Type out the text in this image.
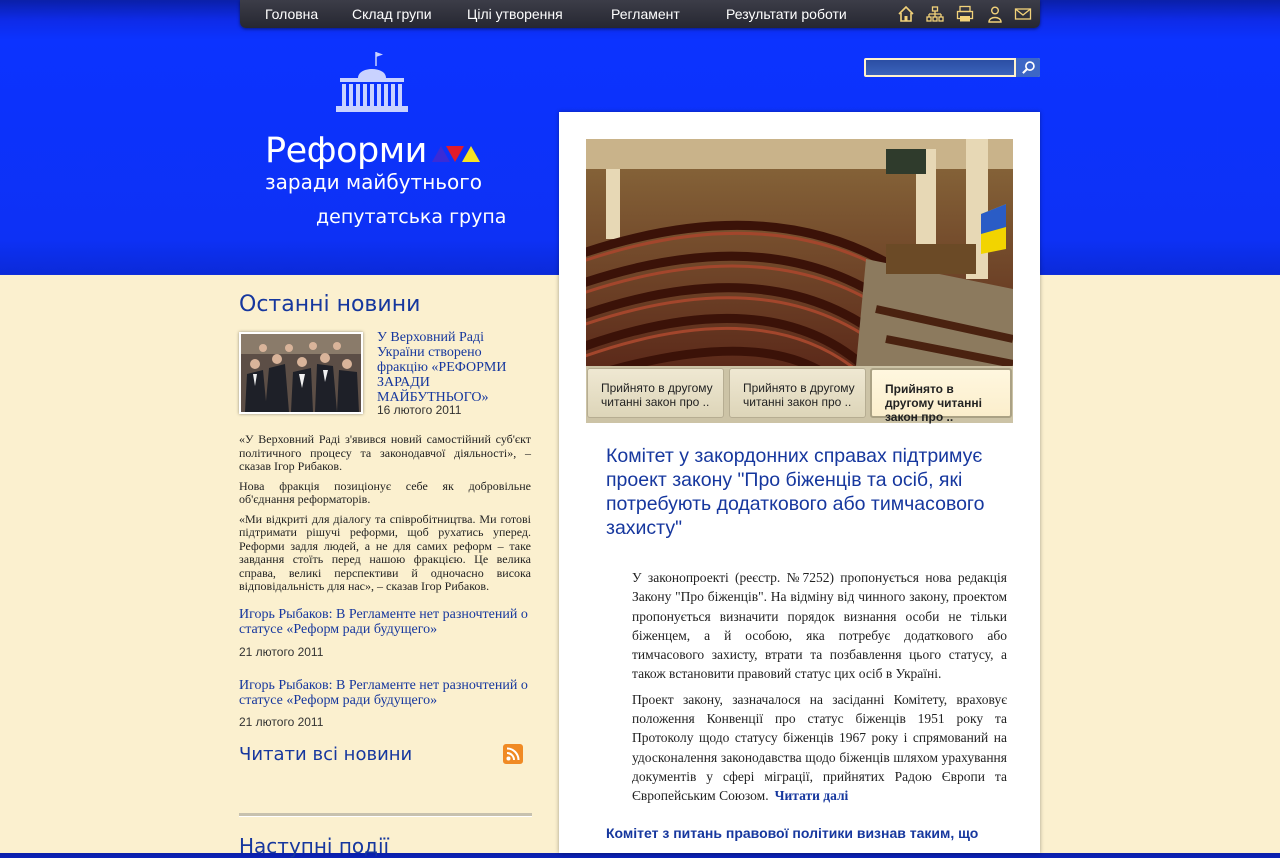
Головна Склад групи	Цілі утворення	Регламент	Результати роботи
Реформи
заради майбутнього
депутатська група
Останні новини
У Верховний Раді України створено фракцію «РЕФОРМИ ЗАРАДИ МАЙБУТНЬОГО»
16 лютого 2011

«У Верховний Раді з'явився новий самостійний суб'єкт політичного процесу та законодавчої діяльності», – сказав Ігор Рибаков.

Нова фракція позиціонує себе як добровільне об'єднання реформаторів.

«Ми відкриті для діалогу та співробітництва. Ми готові підтримати рішучі реформи, щоб рухатись уперед. Реформи задля людей, а не для самих реформ – таке завдання стоїть перед нашою фракцією. Це велика справа, великі перспективи й одночасно висока відповідальність для нас», – сказав Ігор Рибаков.

Игорь Рыбаков: В Регламенте нет разночтений о статусе «Реформ ради будущего»
21 лютого 2011
Игорь Рыбаков: В Регламенте нет разночтений о статусе «Реформ ради будущего»
21 лютого 2011
Читати всі новини
Наступні події
Прийнято в другому читанні закон про ..
Прийнято в другому читанні закон про ..
Прийнято в другому читанні закон про ..
Комітет у закордонних справах підтримує проект закону "Про біженців та осіб, які потребують додаткового або тимчасового захисту"

У законопроекті (реєстр. №7252) пропонується нова редакція Закону "Про біженців". На відміну від чинного закону, проектом пропонується визначити порядок визнання особи не тільки біженцем, а й особою, яка потребує додаткового або тимчасового захисту, втрати та позбавлення цього статусу, а також встановити правовий статус цих осіб в Україні.

Проект закону, зазначалося на засіданні Комітету, враховує положення Конвенції про статус біженців 1951 року та Протоколу щодо статусу біженців 1967 року і спрямований на удосконалення законодавства щодо біженців шляхом урахування документів у сфері міграції, прийнятих Радою Європи та Європейським Союзом. Читати далі

Комітет з питань правової політики визнав таким, що
